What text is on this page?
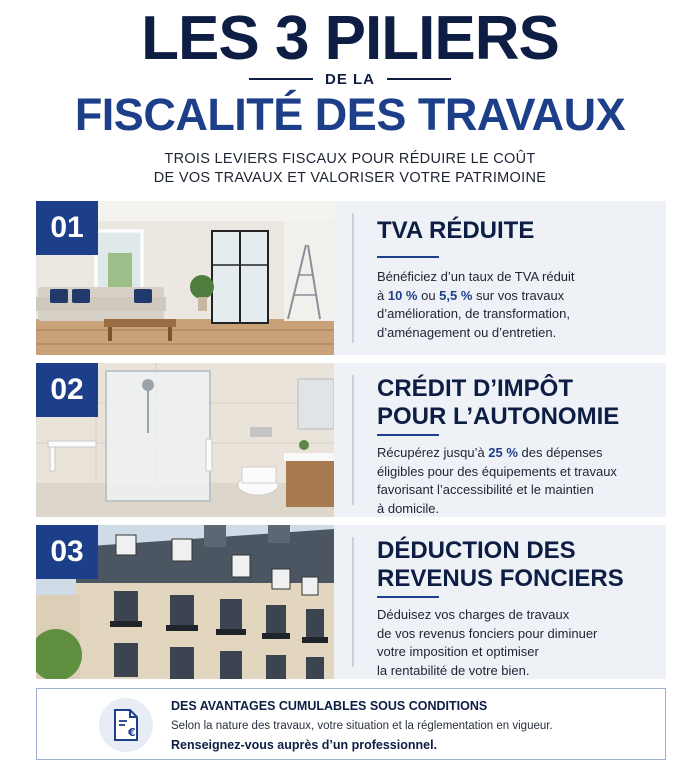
LES 3 PILIERS
DE LA
FISCALITÉ DES TRAVAUX
TROIS LEVIERS FISCAUX POUR RÉDUIRE LE COÛT
DE VOS TRAVAUX ET VALORISER VOTRE PATRIMOINE
01	TVA RÉDUITE
Bénéficiez d’un taux de TVA réduit
à 10 % ou 5,5 % sur vos travaux
d’amélioration, de transformation,
d’aménagement ou d’entretien.
02	CRÉDIT D’IMPÔT
POUR L’AUTONOMIE
Récupérez jusqu’à 25 % des dépenses
éligibles pour des équipements et travaux
favorisant l’accessibilité et le maintien
à domicile.
03	DÉDUCTION DES
REVENUS FONCIERS
Déduisez vos charges de travaux
de vos revenus fonciers pour diminuer
votre imposition et optimiser
la rentabilité de votre bien.
€
DES AVANTAGES CUMULABLES SOUS CONDITIONS
Selon la nature des travaux, votre situation et la réglementation en vigueur.
Renseignez-vous auprès d’un professionnel.
